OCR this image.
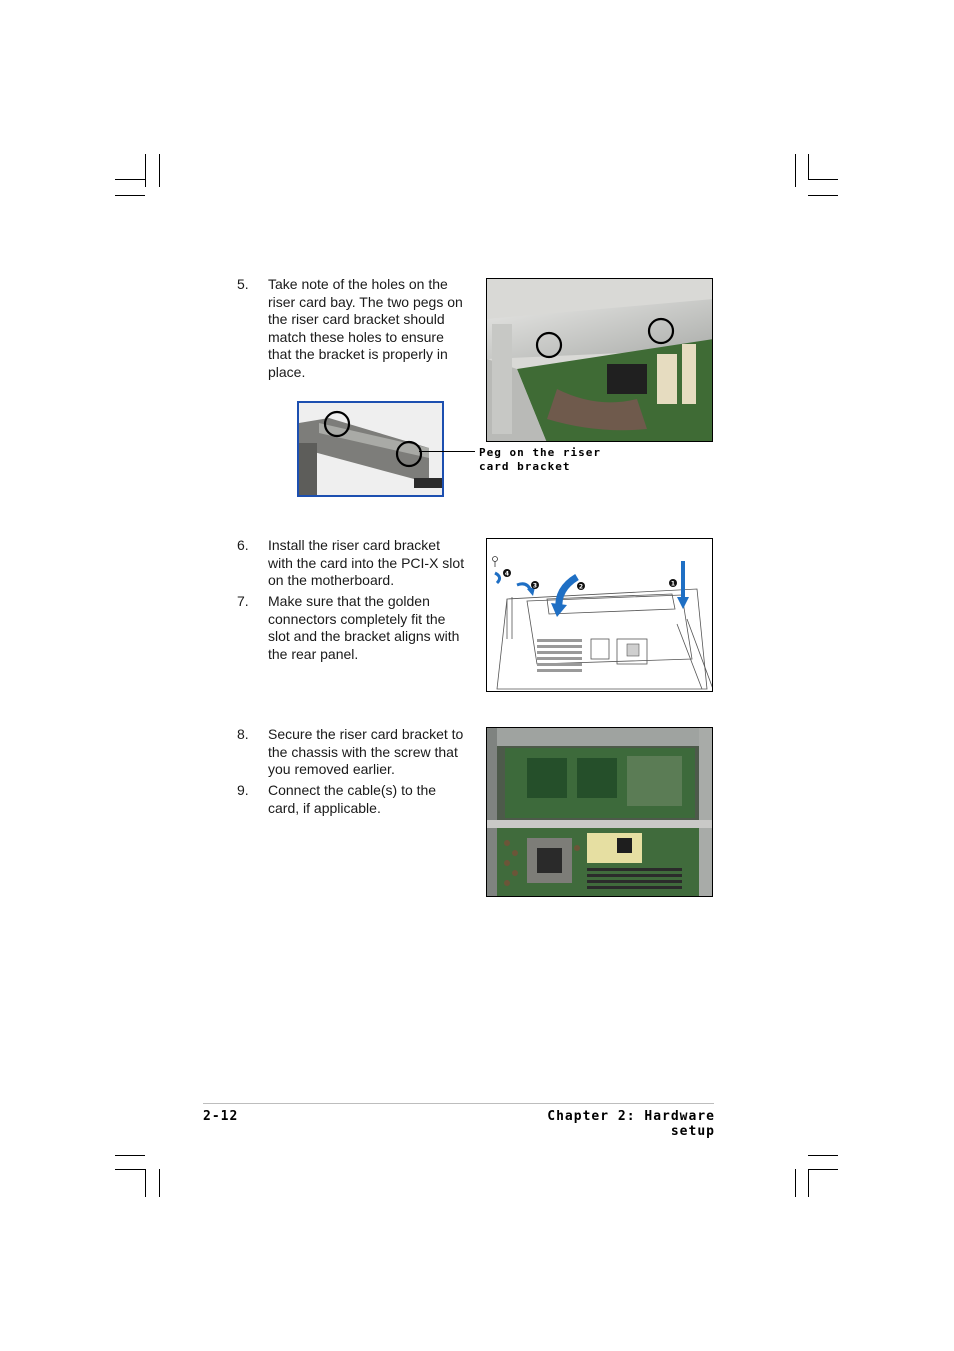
5. Take note of the holes on the
riser card bay. The two pegs on
the riser card bracket should
match these holes to ensure
that the bracket is properly in
place.
Peg on the riser
card bracket
6. Install the riser card bracket
with the card into the PCI-X slot
on the motherboard.
7. Make sure that the golden
connectors completely fit the
slot and the bracket aligns with
the rear panel.
4
3	2	1
8. Secure the riser card bracket to
the chassis with the screw that
you removed earlier.
9. Connect the cable(s) to the
card, if applicable.
2-12	Chapter 2: Hardware setup
